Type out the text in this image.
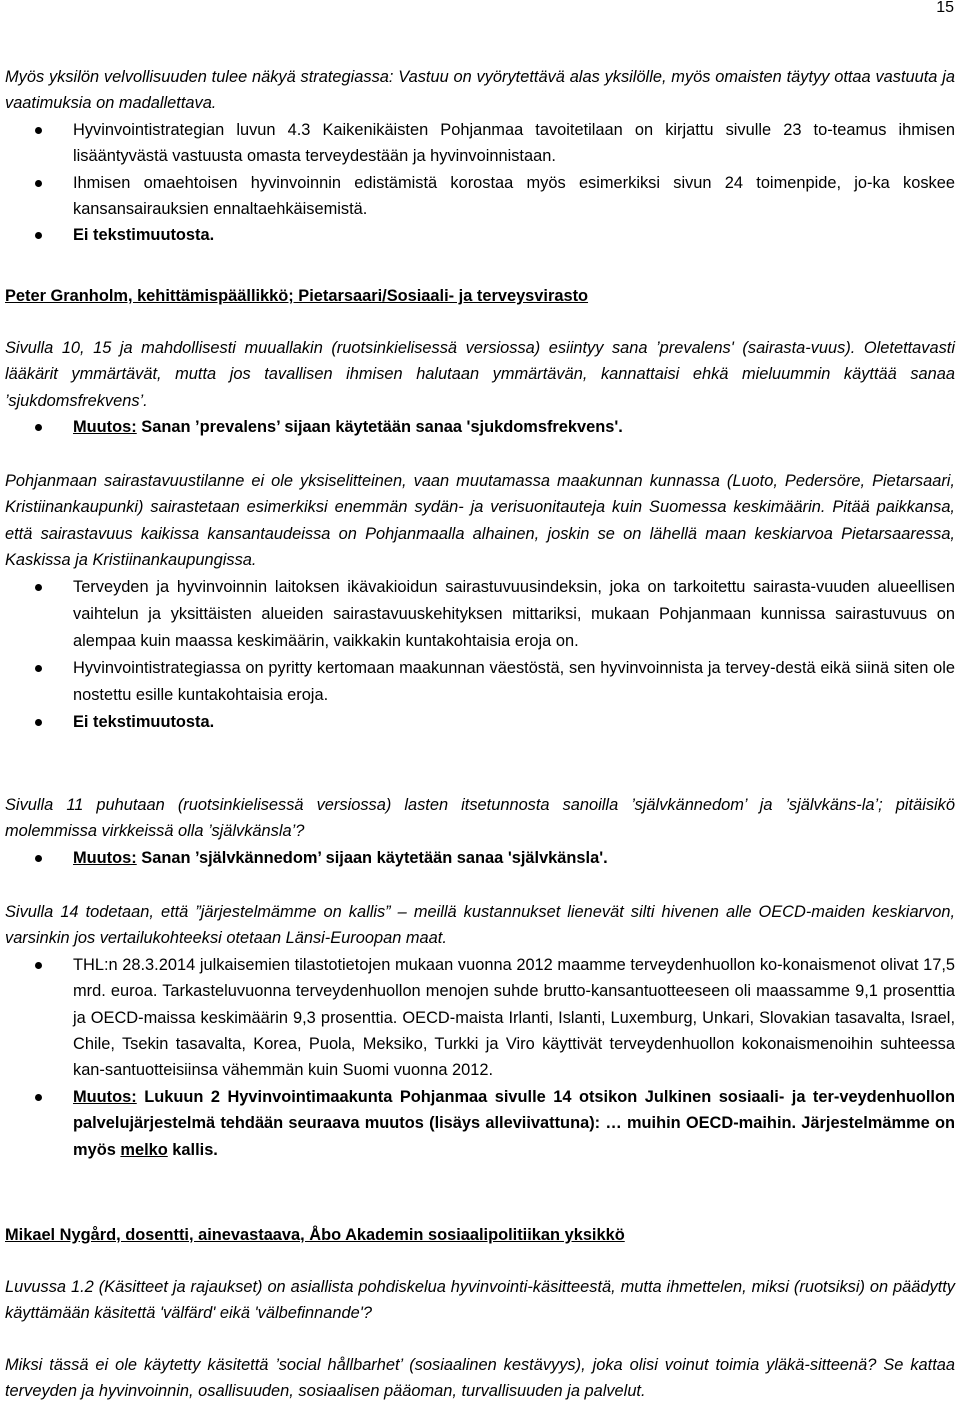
15

Myös yksilön velvollisuuden tulee näkyä strategiassa: Vastuu on vyörytettävä alas yksilölle, myös omaisten täytyy ottaa vastuuta ja vaatimuksia on madallettava.

Hyvinvointistrategian luvun 4.3 Kaikenikäisten Pohjanmaa tavoitetilaan on kirjattu sivulle 23 to-teamus ihmisen lisääntyvästä vastuusta omasta terveydestään ja hyvinvoinnistaan.
Ihmisen omaehtoisen hyvinvoinnin edistämistä korostaa myös esimerkiksi sivun 24 toimenpide, jo-ka koskee kansansairauksien ennaltaehkäisemistä.
Ei tekstimuutosta.

Peter Granholm, kehittämispäällikkö; Pietarsaari/Sosiaali- ja terveysvirasto

Sivulla 10, 15 ja mahdollisesti muuallakin (ruotsinkielisessä versiossa) esiintyy sana ’prevalens' (sairasta-vuus). Oletettavasti lääkärit ymmärtävät, mutta jos tavallisen ihmisen halutaan ymmärtävän, kannattaisi ehkä mieluummin käyttää sanaa ’sjukdomsfrekvens’.

Muutos: Sanan ’prevalens’ sijaan käytetään sanaa 'sjukdomsfrekvens'.

Pohjanmaan sairastavuustilanne ei ole yksiselitteinen, vaan muutamassa maakunnan kunnassa (Luoto, Pedersöre, Pietarsaari, Kristiinankaupunki) sairastetaan esimerkiksi enemmän sydän- ja verisuonitauteja kuin Suomessa keskimäärin. Pitää paikkansa, että sairastavuus kaikissa kansantaudeissa on Pohjanmaalla alhainen, joskin se on lähellä maan keskiarvoa Pietarsaaressa, Kaskissa ja Kristiinankaupungissa.

Terveyden ja hyvinvoinnin laitoksen ikävakioidun sairastuvuusindeksin, joka on tarkoitettu sairasta-vuuden alueellisen vaihtelun ja yksittäisten alueiden sairastavuuskehityksen mittariksi, mukaan Pohjanmaan kunnissa sairastuvuus on alempaa kuin maassa keskimäärin, vaikkakin kuntakohtaisia eroja on.
Hyvinvointistrategiassa on pyritty kertomaan maakunnan väestöstä, sen hyvinvoinnista ja tervey-destä eikä siinä siten ole nostettu esille kuntakohtaisia eroja.
Ei tekstimuutosta.

Sivulla 11 puhutaan (ruotsinkielisessä versiossa) lasten itsetunnosta sanoilla ’självkännedom’ ja ’självkäns-la’; pitäisikö molemmissa virkkeissä olla ’självkänsla’?

Muutos: Sanan ’självkännedom’ sijaan käytetään sanaa 'självkänsla'.

Sivulla 14 todetaan, että ”järjestelmämme on kallis” – meillä kustannukset lienevät silti hivenen alle OECD-maiden keskiarvon, varsinkin jos vertailukohteeksi otetaan Länsi-Euroopan maat.

THL:n 28.3.2014 julkaisemien tilastotietojen mukaan vuonna 2012 maamme terveydenhuollon ko-konaismenot olivat 17,5 mrd. euroa. Tarkasteluvuonna terveydenhuollon menojen suhde brutto-kansantuotteeseen oli maassamme 9,1 prosenttia ja OECD-maissa keskimäärin 9,3 prosenttia. OECD-maista Irlanti, Islanti, Luxemburg, Unkari, Slovakian tasavalta, Israel, Chile, Tsekin tasavalta, Korea, Puola, Meksiko, Turkki ja Viro käyttivät terveydenhuollon kokonaismenoihin suhteessa kan-santuotteisiinsa vähemmän kuin Suomi vuonna 2012.
Muutos: Lukuun 2 Hyvinvointimaakunta Pohjanmaa sivulle 14 otsikon Julkinen sosiaali- ja ter-veydenhuollon palvelujärjestelmä tehdään seuraava muutos (lisäys alleviivattuna): … muihin OECD-maihin. Järjestelmämme on myös melko kallis.

Mikael Nygård, dosentti, ainevastaava, Åbo Akademin sosiaalipolitiikan yksikkö

Luvussa 1.2 (Käsitteet ja rajaukset) on asiallista pohdiskelua hyvinvointi-käsitteestä, mutta ihmettelen, miksi (ruotsiksi) on päädytty käyttämään käsitettä 'välfärd' eikä 'välbefinnande'?

Miksi tässä ei ole käytetty käsitettä ’social hållbarhet’ (sosiaalinen kestävyys), joka olisi voinut toimia yläkä-sitteenä? Se kattaa terveyden ja hyvinvoinnin, osallisuuden, sosiaalisen pääoman, turvallisuuden ja palvelut.
